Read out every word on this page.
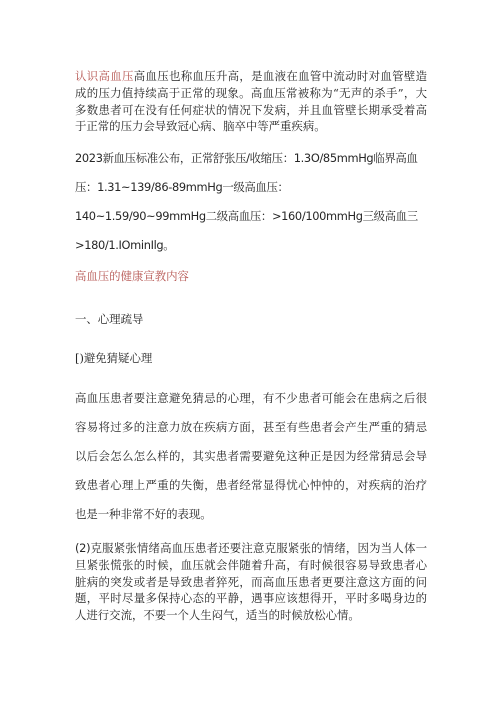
认识高血压高血压也称血压升高，是血液在血管中流动时对血管壁造成的压力值持续高于正常的现象。高血压常被称为“无声的杀手”，大多数患者可在没有任何症状的情况下发病，并且血管壁长期承受着高于正常的压力会导致冠心病、脑卒中等严重疾病。

2023新血压标准公布，正常舒张压/收缩压：1.3O/85mmHg临界高血
压：1.31~139/86-89mmHg一级高血压：
140~1.59/90~99mmHg二级高血压：>160/100mmHg三级高血三
>180/1.IOminIlg。

高血压的健康宣教内容

一、心理疏导

[)避免猜疑心理

高血压患者要注意避免猜忌的心理，有不少患者可能会在患病之后很容易将过多的注意力放在疾病方面，甚至有些患者会产生严重的猜忌以后会怎么怎么样的，其实患者需要避免这种正是因为经常猜忌会导致患者心理上严重的失衡，患者经常显得忧心忡忡的，对疾病的治疗也是一种非常不好的表现。

(2)克服紧张情绪高血压患者还要注意克服紧张的情绪，因为当人体一旦紧张慌张的时候，血压就会伴随着升高，有时候很容易导致患者心脏病的突发或者是导致患者猝死，而高血压患者更要注意这方面的问题，平时尽量多保持心态的平静，遇事应该想得开，平时多喝身边的人进行交流，不要一个人生闷气，适当的时候放松心情。
